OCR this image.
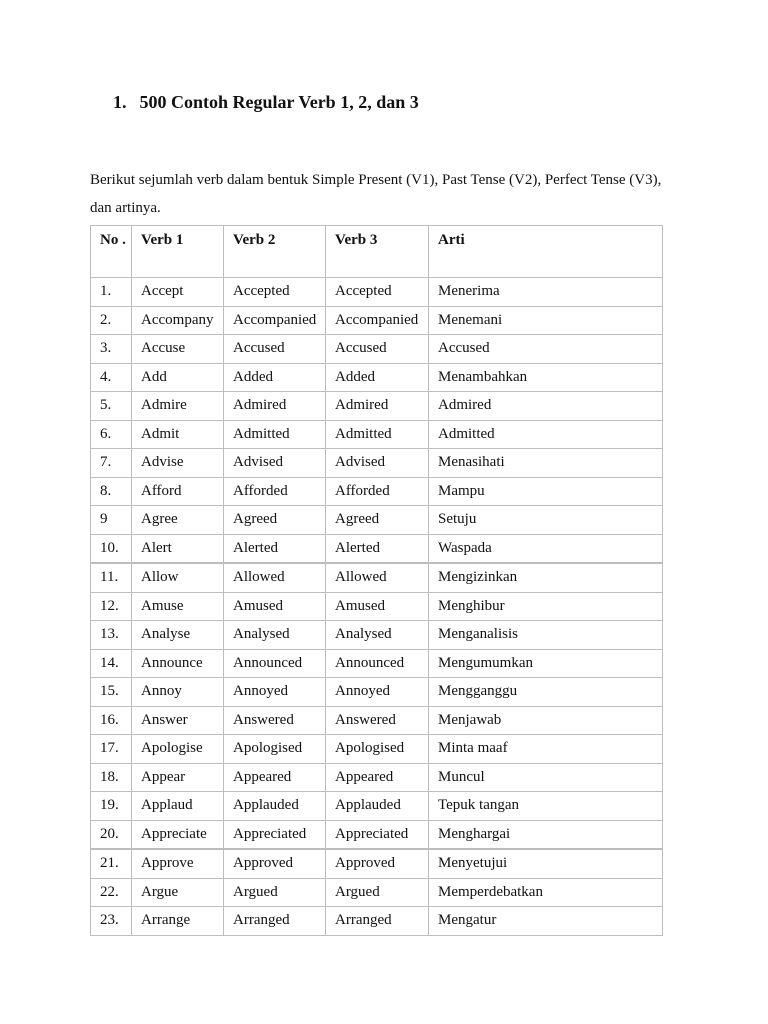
1. 500 Contoh Regular Verb 1, 2, dan 3

Berikut sejumlah verb dalam bentuk Simple Present (V1), Past Tense (V2), Perfect Tense (V3), dan artinya.

No .	Verb 1	Verb 2	Verb 3	Arti
1.	Accept	Accepted	Accepted	Menerima
2.	Accompany	Accompanied	Accompanied	Menemani
3.	Accuse	Accused	Accused	Accused
4.	Add	Added	Added	Menambahkan
5.	Admire	Admired	Admired	Admired
6.	Admit	Admitted	Admitted	Admitted
7.	Advise	Advised	Advised	Menasihati
8.	Afford	Afforded	Afforded	Mampu
9	Agree	Agreed	Agreed	Setuju
10.	Alert	Alerted	Alerted	Waspada
11.	Allow	Allowed	Allowed	Mengizinkan
12.	Amuse	Amused	Amused	Menghibur
13.	Analyse	Analysed	Analysed	Menganalisis
14.	Announce	Announced	Announced	Mengumumkan
15.	Annoy	Annoyed	Annoyed	Mengganggu
16.	Answer	Answered	Answered	Menjawab
17.	Apologise	Apologised	Apologised	Minta maaf
18.	Appear	Appeared	Appeared	Muncul
19.	Applaud	Applauded	Applauded	Tepuk tangan
20.	Appreciate	Appreciated	Appreciated	Menghargai
21.	Approve	Approved	Approved	Menyetujui
22.	Argue	Argued	Argued	Memperdebatkan
23.	Arrange	Arranged	Arranged	Mengatur
